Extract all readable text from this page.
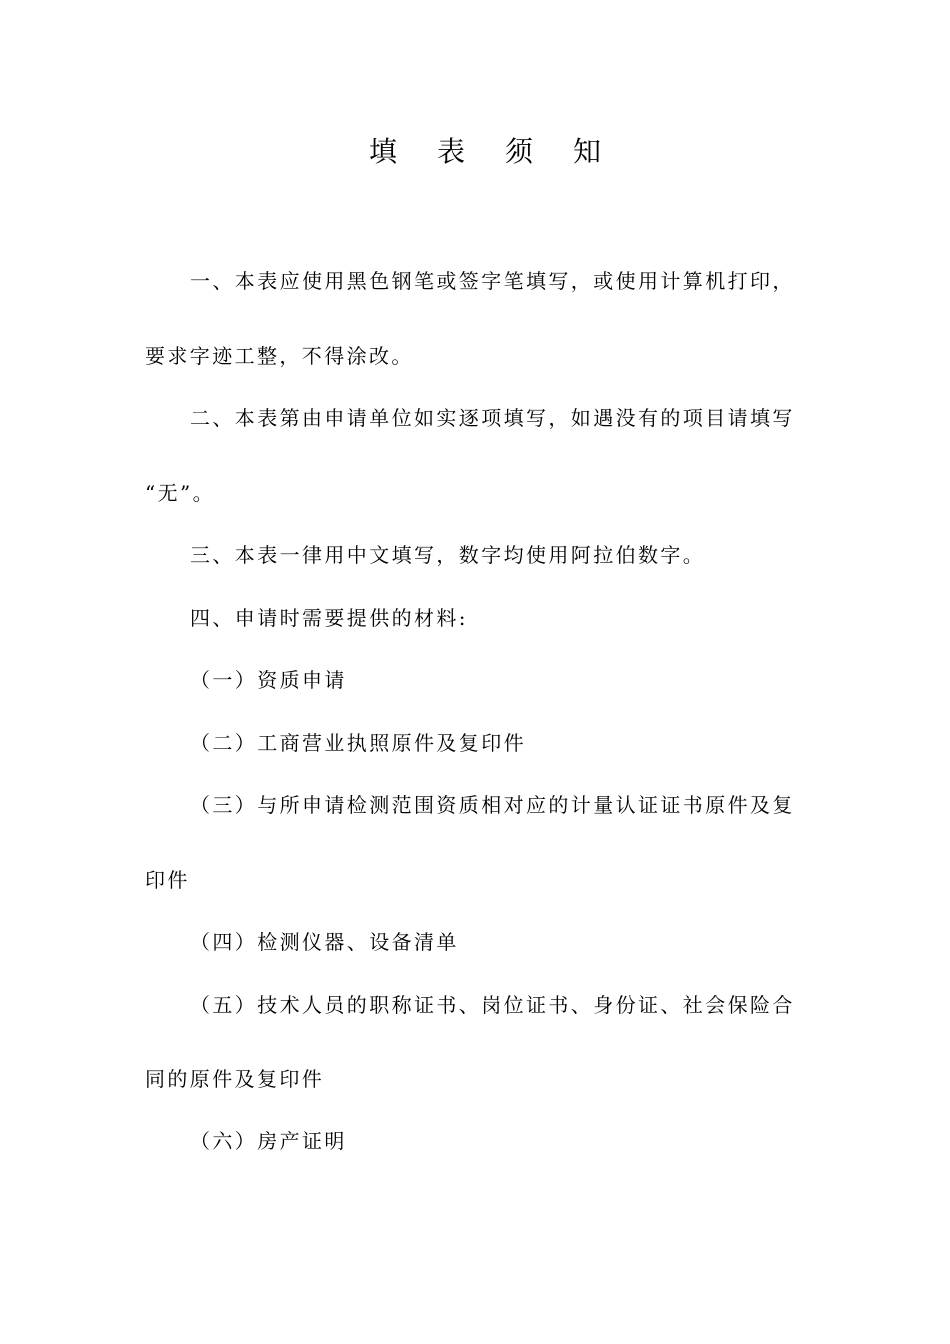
填表须知
一、本表应使用黑色钢笔或签字笔填写，或使用计算机打印，
要求字迹工整，不得涂改。
二、本表第由申请单位如实逐项填写，如遇没有的项目请填写
“无”。
三、本表一律用中文填写，数字均使用阿拉伯数字。
四、申请时需要提供的材料:
（一）资质申请
（二）工商营业执照原件及复印件
（三）与所申请检测范围资质相对应的计量认证证书原件及复
印件
（四）检测仪器、设备清单
（五）技术人员的职称证书、岗位证书、身份证、社会保险合
同的原件及复印件
（六）房产证明
